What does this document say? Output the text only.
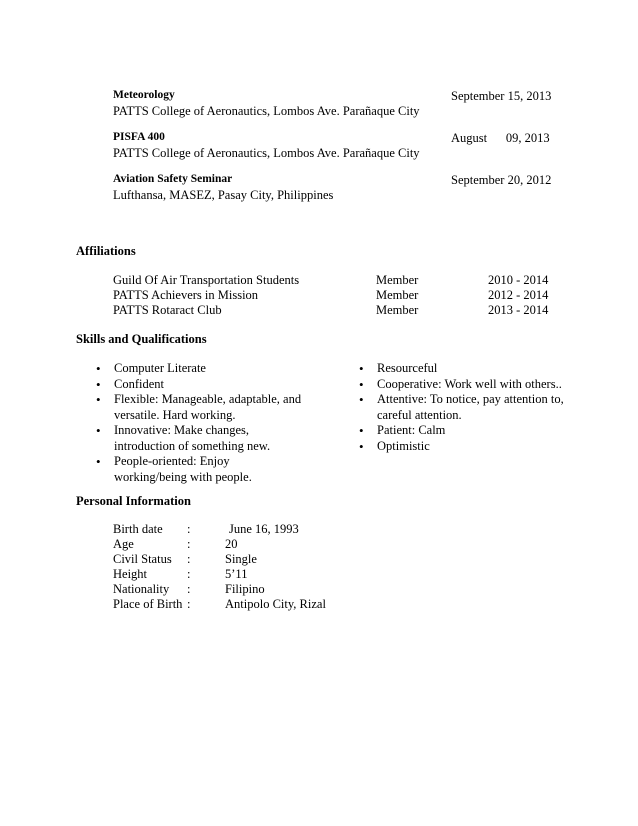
Meteorology	September 15, 2013
PATTS College of Aeronautics, Lombos Ave. Parañaque City
PISFA 400	August      09, 2013
PATTS College of Aeronautics, Lombos Ave. Parañaque City
Aviation Safety Seminar	September 20, 2012
Lufthansa, MASEZ, Pasay City, Philippines
Affiliations
Guild Of Air Transportation Students	Member	2010 - 2014
PATTS Achievers in Mission	Member	2012 - 2014
PATTS Rotaract Club	Member	2013 - 2014
Skills and Qualifications
• Computer Literate
• Confident
• Flexible: Manageable, adaptable, and versatile. Hard working.
• Innovative: Make changes, introduction of something new.
• People-oriented: Enjoy working/being with people.
• Resourceful
• Cooperative: Work well with others..
• Attentive: To notice, pay attention to, careful attention.
• Patient: Calm
• Optimistic
Personal Information
Birth date :	June 16, 1993
Age	:	20
Civil Status :	Single
Height	:	5’11
Nationality :	Filipino
Place of Birth :	Antipolo City, Rizal
